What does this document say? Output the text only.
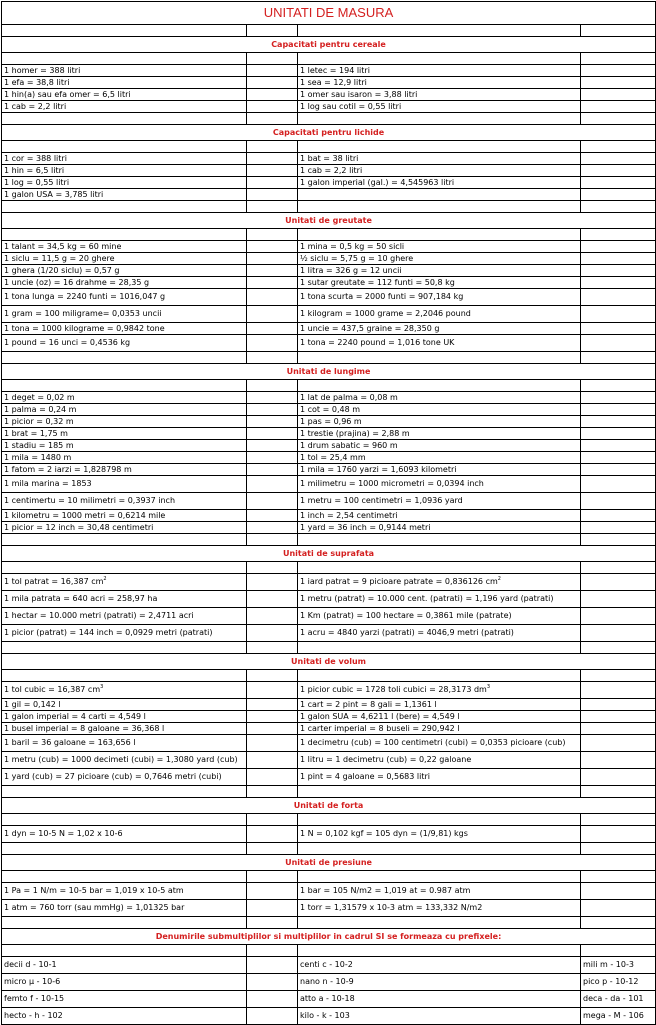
UNITATI DE MASURA			

Capacitati pentru cereale			

1 homer = 388 litri		1 letec = 194 litri	
1 efa = 38,8 litri		1 sea = 12,9 litri	
1 hin(a) sau efa omer = 6,5 litri		1 omer sau isaron = 3,88 litri	
1 cab = 2,2 litri		1 log sau cotil = 0,55 litri	

Capacitati pentru lichide			

1 cor = 388 litri		1 bat = 38 litri	
1 hin = 6,5 litri		1 cab = 2,2 litri	
1 log = 0,55 litri		1 galon imperial (gal.) = 4,545963 litri	
1 galon USA = 3,785 litri			

Unitati de greutate			

1 talant = 34,5 kg = 60 mine		1 mina = 0,5 kg = 50 sicli	
1 siclu = 11,5 g = 20 ghere		½ siclu = 5,75 g = 10 ghere	
1 ghera (1/20 siclu) = 0,57 g		1 litra = 326 g = 12 uncii	
1 uncie (oz) = 16 drahme = 28,35 g		1 sutar greutate = 112 funti = 50,8 kg	
1 tona lunga = 2240 funti = 1016,047 g		1 tona scurta = 2000 funti = 907,184 kg	
1 gram = 100 miligrame= 0,0353 uncii		1 kilogram = 1000 grame = 2,2046 pound	
1 tona = 1000 kilograme = 0,9842 tone		1 uncie = 437,5 graine = 28,350 g	
1 pound = 16 unci = 0,4536 kg		1 tona = 2240 pound = 1,016 tone UK	

Unitati de lungime			

1 deget = 0,02 m		1 lat de palma = 0,08 m	
1 palma = 0,24 m		1 cot = 0,48 m	
1 picior = 0,32 m		1 pas = 0,96 m	
1 brat = 1,75 m		1 trestie (prajina) = 2,88 m	
1 stadiu = 185 m		1 drum sabatic = 960 m	
1 mila = 1480 m		1 tol = 25,4 mm	
1 fatom = 2 iarzi = 1,828798 m		1 mila = 1760 yarzi = 1,6093 kilometri	
1 mila marina = 1853		1 milimetru = 1000 micrometri = 0,0394 inch	
1 centimertu = 10 milimetri = 0,3937 inch		1 metru = 100 centimetri = 1,0936 yard	
1 kilometru = 1000 metri = 0,6214 mile		1 inch = 2,54 centimetri	
1 picior = 12 inch = 30,48 centimetri		1 yard = 36 inch = 0,9144 metri	

Unitati de suprafata			

1 tol patrat = 16,387 $cm^2$		1 iard patrat = 9 picioare patrate = 0,836126 $cm^2$	
1 mila patrata = 640 acri = 258,97 ha		1 metru (patrat) = 10.000 cent. (patrati) = 1,196 yard (patrati)	
1 hectar = 10.000 metri (patrati) = 2,4711 acri		1 Km (patrat) = 100 hectare = 0,3861 mile (patrate)	
1 picior (patrat) = 144 inch = 0,0929 metri (patrati)		1 acru = 4840 yarzi (patrati) = 4046,9 metri (patrati)	

Unitati de volum			

1 tol cubic = 16,387 $cm^3$		1 picior cubic = 1728 toli cubici = 28,3173 $dm^3$	
1 gil = 0,142 l		1 cart = 2 pint = 8 gali = 1,1361 l	
1 galon imperial = 4 carti = 4,549 l		1 galon SUA = 4,6211 l (bere) = 4,549 l	
1 busel imperial = 8 galoane = 36,368 l		1 carter imperial = 8 buseli = 290,942 l	
1 baril = 36 galoane = 163,656 l		1 decimetru (cub) = 100 centimetri (cubi) = 0,0353 picioare (cub)	
1 metru (cub) = 1000 decimeti (cubi) = 1,3080 yard (cub)		1 litru = 1 decimetru (cub) = 0,22 galoane	
1 yard (cub) = 27 picioare (cub) = 0,7646 metri (cubi)		1 pint = 4 galoane = 0,5683 litri	

Unitati de forta			

1 dyn = 10-5 N = 1,02 x 10-6		1 N = 0,102 kgf = 105 dyn = (1/9,81) kgs	

Unitati de presiune			

1 Pa = 1 N/m = 10-5 bar = 1,019 x 10-5 atm		1 bar = 105 N/m2 = 1,019 at = 0.987 atm	
1 atm = 760 torr (sau mmHg) = 1,01325 bar		1 torr = 1,31579 x 10-3 atm = 133,332 N/m2	

Denumirile submultiplilor si multiplilor in cadrul SI se formeaza cu prefixele:			

decii d - 10-1		centi c - 10-2	mili m - 10-3
micro μ - 10-6		nano n - 10-9	pico p - 10-12
femto f - 10-15		atto a - 10-18	deca - da - 101
hecto - h - 102		kilo - k - 103	mega - M - 106
